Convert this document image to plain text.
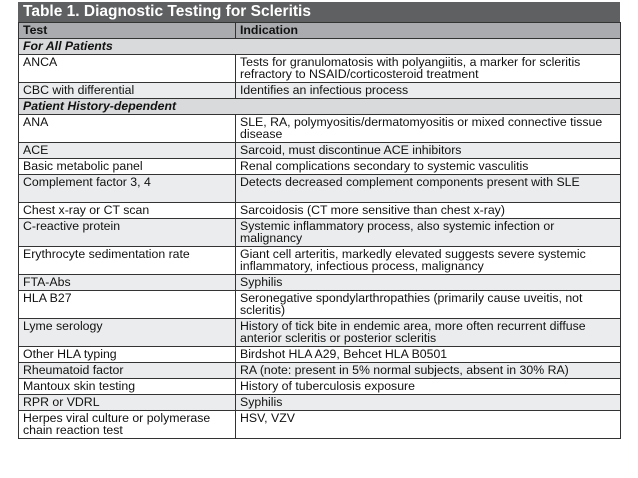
Table 1. Diagnostic Testing for Scleritis
Test	Indication
For All Patients	
ANCA	Tests for granulomatosis with polyangiitis, a marker for scleritis refractory to NSAID/corticosteroid treatment
CBC with differential	Identifies an infectious process
Patient History-dependent	
ANA	SLE, RA, polymyositis/dermatomyositis or mixed connective tissue disease
ACE	Sarcoid, must discontinue ACE inhibitors
Basic metabolic panel	Renal complications secondary to systemic vasculitis
Complement factor 3, 4	Detects decreased complement components present with SLE
Chest x-ray or CT scan	Sarcoidosis (CT more sensitive than chest x-ray)
C-reactive protein	Systemic inflammatory process, also systemic infection or malignancy
Erythrocyte sedimentation rate	Giant cell arteritis, markedly elevated suggests severe systemic inflammatory, infectious process, malignancy
FTA-Abs	Syphilis
HLA B27	Seronegative spondylarthropathies (primarily cause uveitis, not scleritis)
Lyme serology	History of tick bite in endemic area, more often recurrent diffuse anterior scleritis or posterior scleritis
Other HLA typing	Birdshot HLA A29, Behcet HLA B0501
Rheumatoid factor	RA (note: present in 5% normal subjects, absent in 30% RA)
Mantoux skin testing	History of tuberculosis exposure
RPR or VDRL	Syphilis
Herpes viral culture or polymerase chain reaction test	HSV, VZV
